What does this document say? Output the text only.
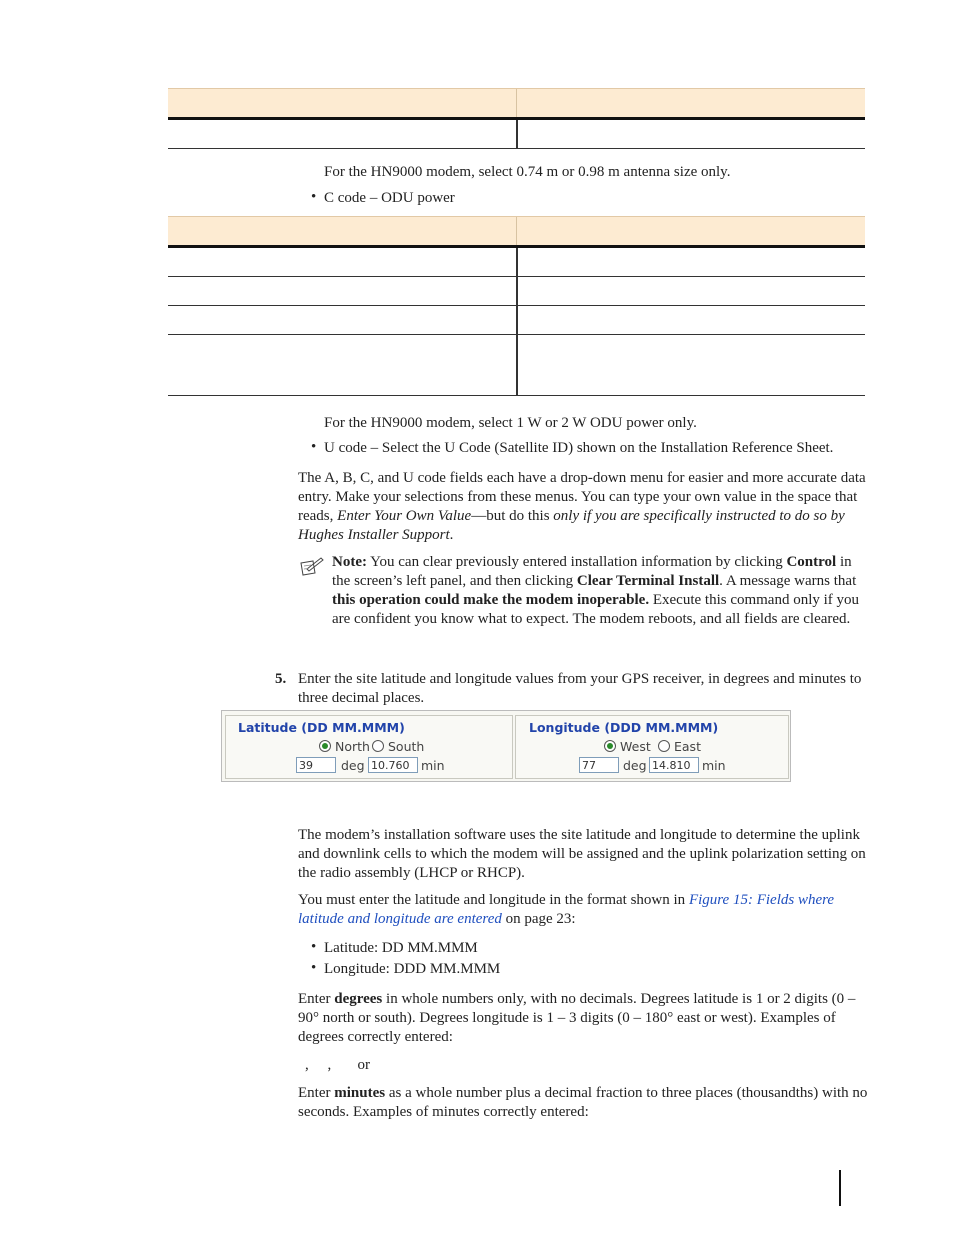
For the HN9000 modem, select 0.74 m or 0.98 m antenna size only.

• C code – ODU power

For the HN9000 modem, select 1 W or 2 W ODU power only.

• U code – Select the U Code (Satellite ID) shown on the Installation Reference Sheet.

The A, B, C, and U code fields each have a drop-down menu for easier and more accurate data entry. Make your selections from these menus. You can type your own value in the space that reads, Enter Your Own Value—but do this only if you are specifically instructed to do so by Hughes Installer Support.

Note: You can clear previously entered installation information by clicking Control in the screen’s left panel, and then clicking Clear Terminal Install. A message warns that this operation could make the modem inoperable. Execute this command only if you are confident you know what to expect. The modem reboots, and all fields are cleared.

5. Enter the site latitude and longitude values from your GPS receiver, in degrees and minutes to three decimal places.

Latitude (DD MM.MMM)
North	South
39	deg 10.760 min
Longitude (DDD MM.MMM)
West	East
77	deg 14.810 min

The modem’s installation software uses the site latitude and longitude to determine the uplink and downlink cells to which the modem will be assigned and the uplink polarization setting on the radio assembly (LHCP or RHCP).

You must enter the latitude and longitude in the format shown in Figure 15: Fields where latitude and longitude are entered on page 23:

• Latitude: DD MM.MMM

• Longitude: DDD MM.MMM

Enter degrees in whole numbers only, with no decimals. Degrees latitude is 1 or 2 digits (0 – 90° north or south). Degrees longitude is 1 – 3 digits (0 – 180° east or west). Examples of degrees correctly entered:

,     ,       or

Enter minutes as a whole number plus a decimal fraction to three places (thousandths) with no seconds. Examples of minutes correctly entered:
